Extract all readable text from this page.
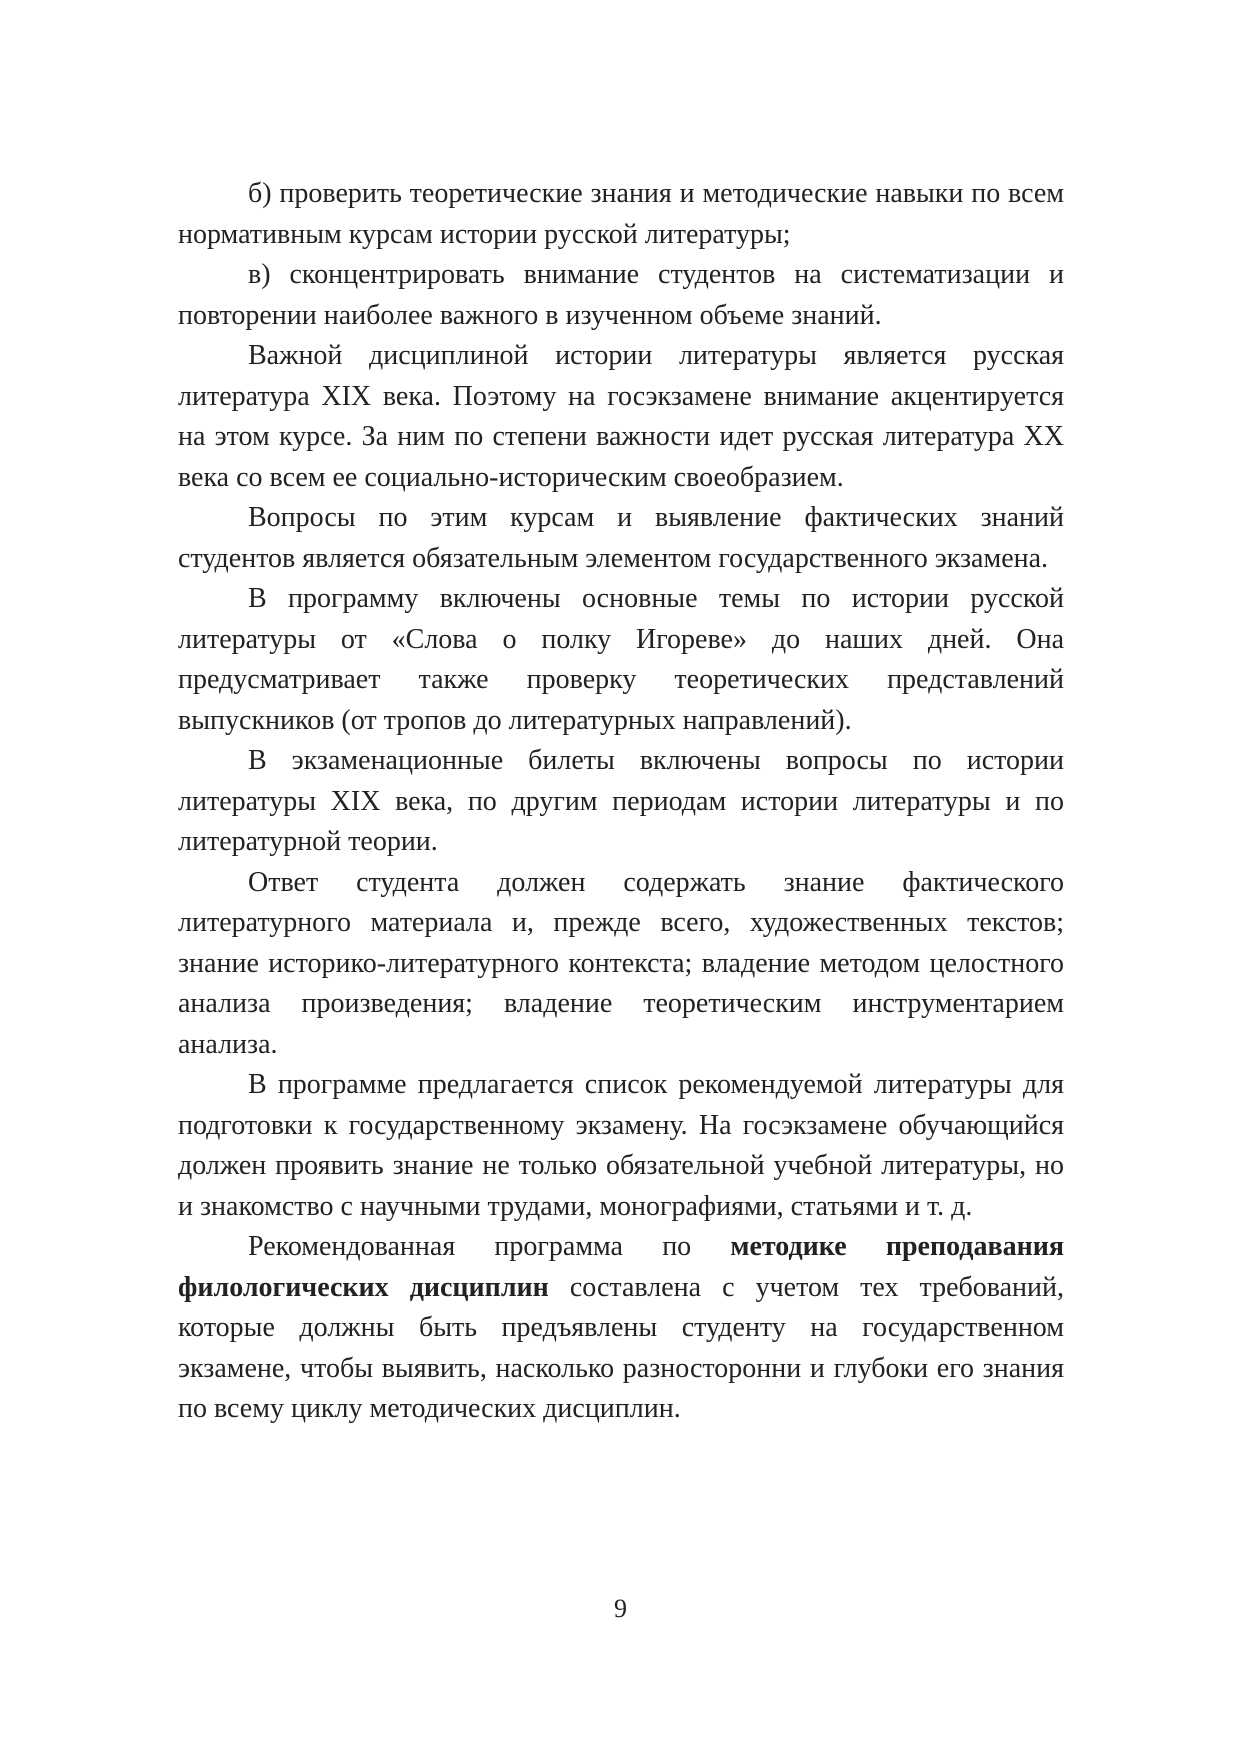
б) проверить теоретические знания и методические навыки по всем нормативным курсам истории русской литературы;

в) сконцентрировать внимание студентов на систематизации и повторении наиболее важного в изученном объеме знаний.

Важной дисциплиной истории литературы является русская литература XIX века. Поэтому на госэкзамене внимание акцентируется на этом курсе. За ним по степени важности идет русская литература XX века со всем ее социально-историческим своеобразием.

Вопросы по этим курсам и выявление фактических знаний студентов является обязательным элементом государственного экзамена.

В программу включены основные темы по истории русской литературы от «Слова о полку Игореве» до наших дней. Она предусматривает также проверку теоретических представлений выпускников (от тропов до литературных направлений).

В экзаменационные билеты включены вопросы по истории литературы XIX века, по другим периодам истории литературы и по литературной теории.

Ответ студента должен содержать знание фактического литературного материала и, прежде всего, художественных текстов; знание историко-литературного контекста; владение методом целостного анализа произведения; владение теоретическим инструментарием анализа.

В программе предлагается список рекомендуемой литературы для подготовки к государственному экзамену. На госэкзамене обучающийся должен проявить знание не только обязательной учебной литературы, но и знакомство с научными трудами, монографиями, статьями и т. д.

Рекомендованная программа по методике преподавания филологических дисциплин составлена с учетом тех требований, которые должны быть предъявлены студенту на государственном экзамене, чтобы выявить, насколько разносторонни и глубоки его знания по всему циклу методических дисциплин.

9
